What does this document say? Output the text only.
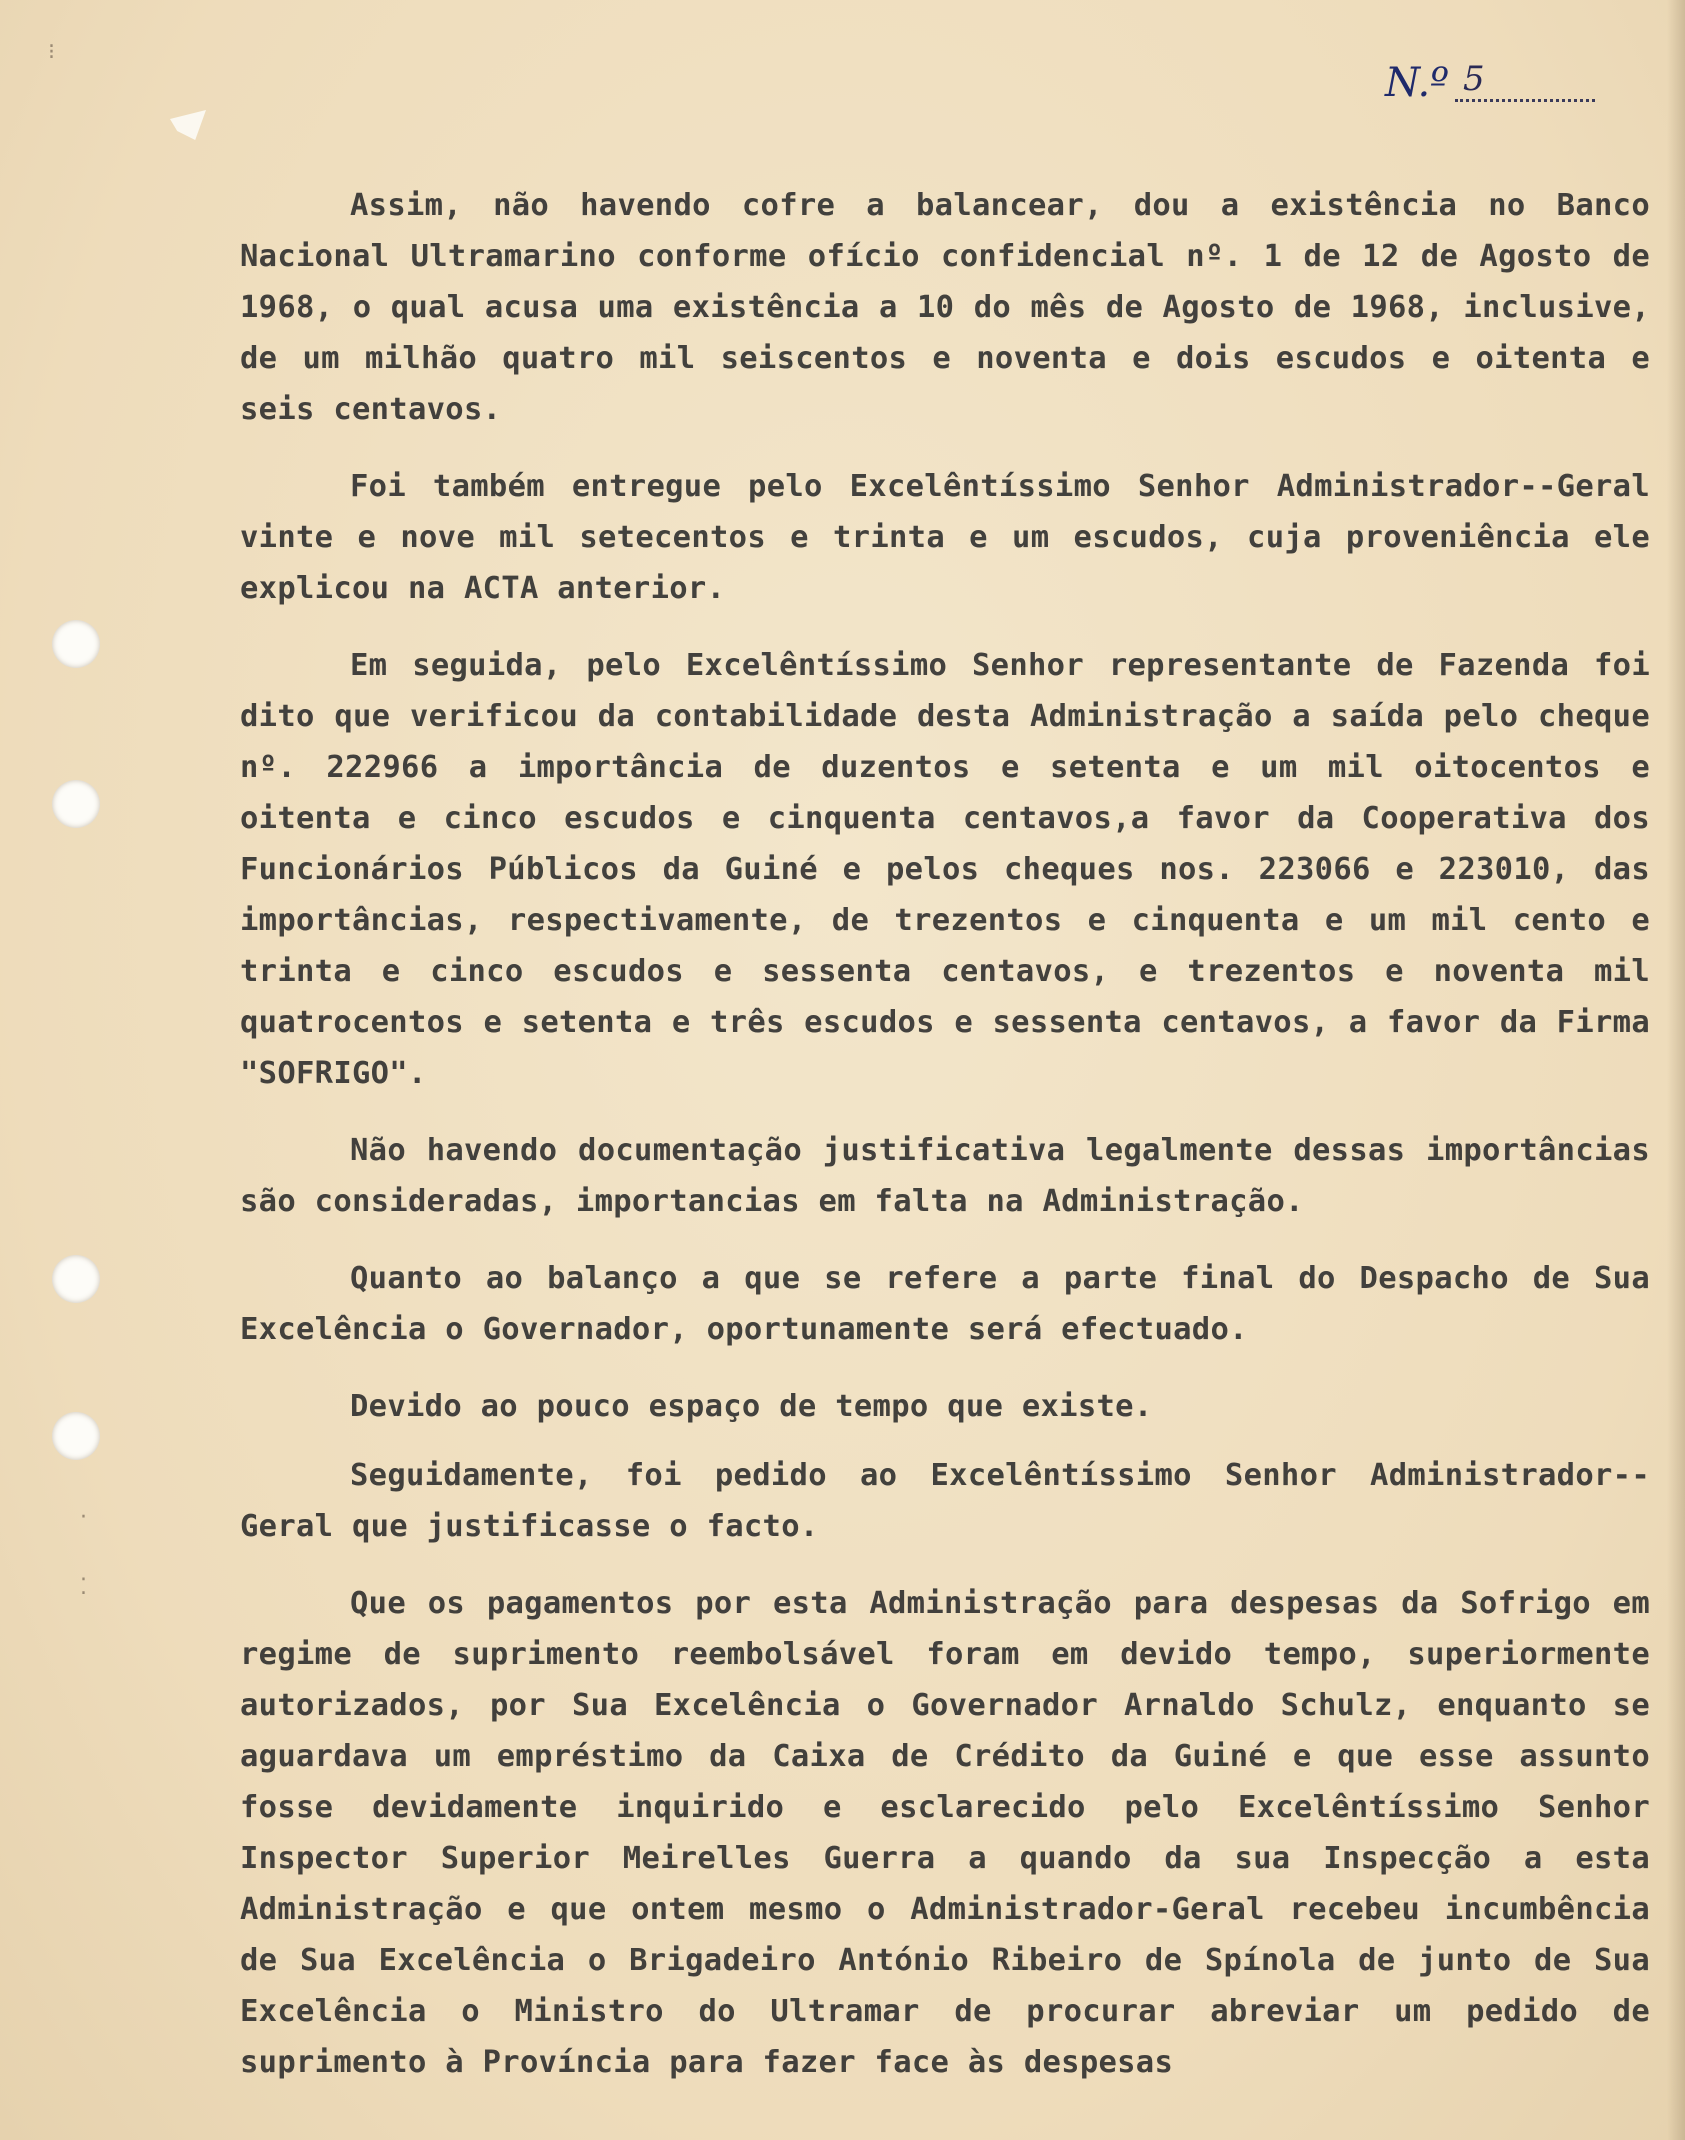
⁝
·
⁚
N.º 5

Assim, não havendo cofre a balancear, dou a existência no Banco Nacional Ultramarino conforme ofício confidencial nº. 1 de 12 de Agosto de 1968, o qual acusa uma existência a 10 do mês de Agosto de 1968, inclusive, de um milhão quatro mil seiscentos e noventa e dois escudos e oitenta e seis centavos.

Foi também entregue pelo Excelêntíssimo Senhor Administrador--Geral vinte e nove mil setecentos e trinta e um escudos, cuja proveniência ele explicou na ACTA anterior.

Em seguida, pelo Excelêntíssimo Senhor representante de Fazenda foi dito que verificou da contabilidade desta Administração a saída pelo cheque nº. 222966 a importância de duzentos e setenta e um mil oitocentos e oitenta e cinco escudos e cinquenta centavos,a favor da Cooperativa dos Funcionários Públicos da Guiné e pelos cheques nos. 223066 e 223010, das importâncias, respectivamente, de trezentos e cinquenta e um mil cento e trinta e cinco escudos e sessenta centavos, e trezentos e noventa mil quatrocentos e setenta e três escudos e sessenta centavos, a favor da Firma "SOFRIGO".

Não havendo documentação justificativa legalmente dessas importâncias são consideradas, importancias em falta na Administração.

Quanto ao balanço a que se refere a parte final do Despacho de Sua Excelência o Governador, oportunamente será efectuado.

Devido ao pouco espaço de tempo que existe.

Seguidamente, foi pedido ao Excelêntíssimo Senhor Administrador--Geral que justificasse o facto.

Que os pagamentos por esta Administração para despesas da Sofrigo em regime de suprimento reembolsável foram em devido tempo, superiormente autorizados, por Sua Excelência o Governador Arnaldo Schulz, enquanto se aguardava um empréstimo da Caixa de Crédito da Guiné e que esse assunto fosse devidamente inquirido e esclarecido pelo Excelêntíssimo Senhor Inspector Superior Meirelles Guerra a quando da sua Inspecção a esta Administração e que ontem mesmo o Administrador-Geral recebeu incumbência de Sua Excelência o Brigadeiro António Ribeiro de Spínola de junto de Sua Excelência o Ministro do Ultramar de procurar abreviar um pedido de suprimento à Província para fazer face às despesas
